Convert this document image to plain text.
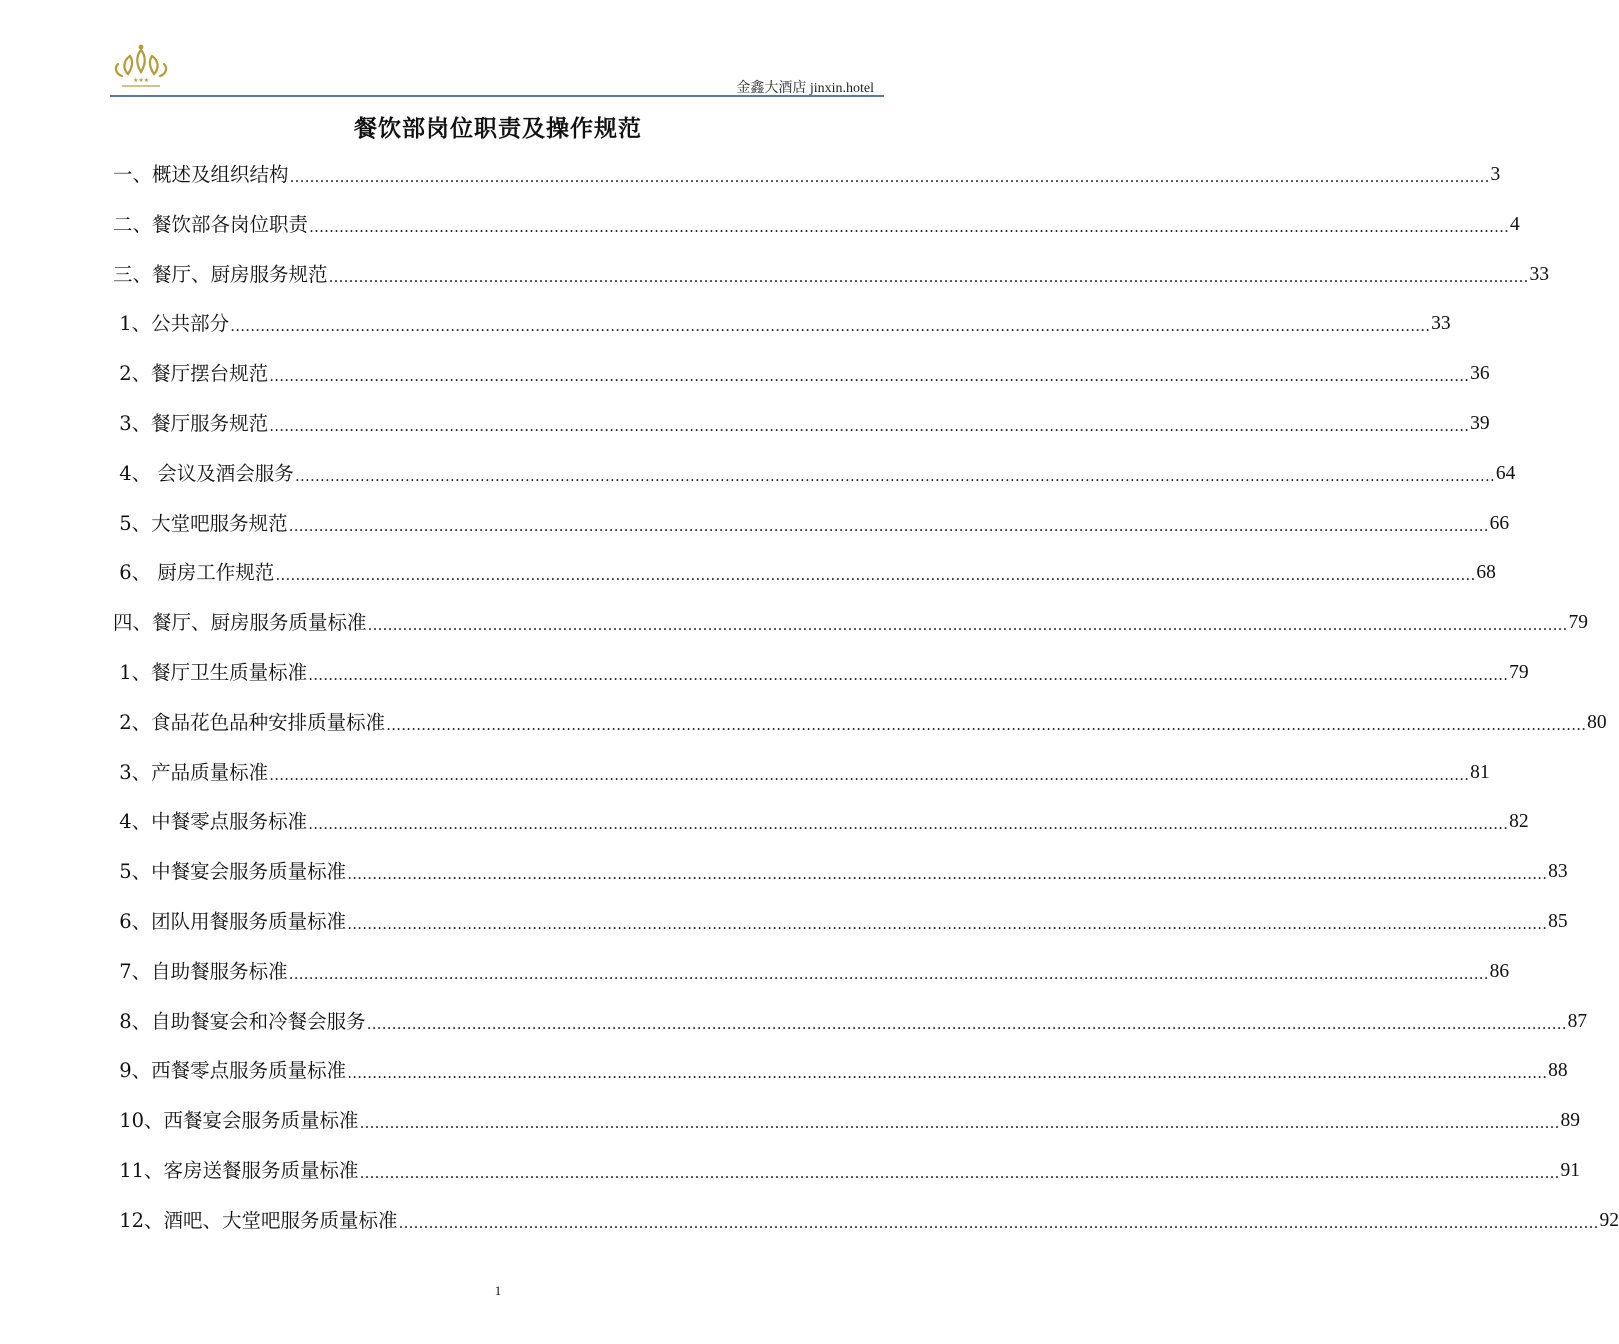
★★★
金鑫大酒店 jinxin.hotel
餐饮部岗位职责及操作规范
一、概述及组织结构 …………………………………………………………………………………………………………………………………………………………………………………………………………………… 3
二、餐饮部各岗位职责 …………………………………………………………………………………………………………………………………………………………………………………………………………………… 4
三、餐厅、厨房服务规范 …………………………………………………………………………………………………………………………………………………………………………………………………………………… 33
1、公共部分 …………………………………………………………………………………………………………………………………………………………………………………………………………………… 33
2、餐厅摆台规范 …………………………………………………………………………………………………………………………………………………………………………………………………………………… 36
3、餐厅服务规范 …………………………………………………………………………………………………………………………………………………………………………………………………………………… 39
4、 会议及酒会服务 …………………………………………………………………………………………………………………………………………………………………………………………………………………… 64
5、大堂吧服务规范 …………………………………………………………………………………………………………………………………………………………………………………………………………………… 66
6、 厨房工作规范 …………………………………………………………………………………………………………………………………………………………………………………………………………………… 68
四、餐厅、厨房服务质量标准 …………………………………………………………………………………………………………………………………………………………………………………………………………………… 79
1、餐厅卫生质量标准 …………………………………………………………………………………………………………………………………………………………………………………………………………………… 79
2、食品花色品种安排质量标准 …………………………………………………………………………………………………………………………………………………………………………………………………………………… 80
3、产品质量标准 …………………………………………………………………………………………………………………………………………………………………………………………………………………… 81
4、中餐零点服务标准 …………………………………………………………………………………………………………………………………………………………………………………………………………………… 82
5、中餐宴会服务质量标准 …………………………………………………………………………………………………………………………………………………………………………………………………………………… 83
6、团队用餐服务质量标准 …………………………………………………………………………………………………………………………………………………………………………………………………………………… 85
7、自助餐服务标准 …………………………………………………………………………………………………………………………………………………………………………………………………………………… 86
8、自助餐宴会和冷餐会服务 …………………………………………………………………………………………………………………………………………………………………………………………………………………… 87
9、西餐零点服务质量标准 …………………………………………………………………………………………………………………………………………………………………………………………………………………… 88
10、西餐宴会服务质量标准 …………………………………………………………………………………………………………………………………………………………………………………………………………………… 89
11、客房送餐服务质量标准 …………………………………………………………………………………………………………………………………………………………………………………………………………………… 91
12、酒吧、大堂吧服务质量标准 …………………………………………………………………………………………………………………………………………………………………………………………………………………… 92
1
